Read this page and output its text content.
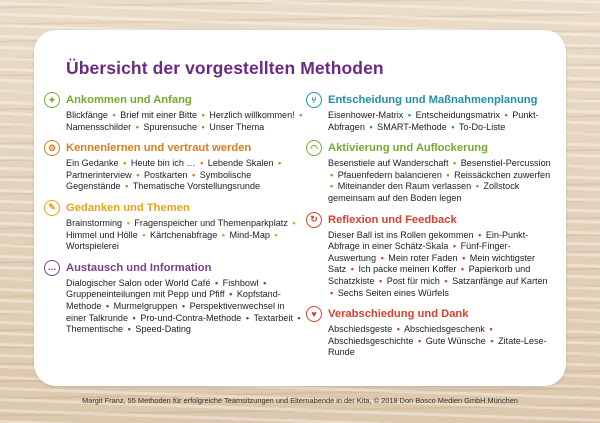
Übersicht der vorgestellten Methoden
✦ Ankommen und Anfang

Blickfänge • Brief mit einer Bitte • Herzlich willkommen! • Namensschilder • Spurensuche • Unser Thema

⚙ Kennenlernen und vertraut werden

Ein Gedanke • Heute bin ich … • Lebende Skalen • Partnerinterview • Postkarten • Symbolische Gegenstände • Thematische Vorstellungsrunde

✎ Gedanken und Themen

Brainstorming • Fragenspeicher und Themenparkplatz • Himmel und Hölle • Kärtchenabfrage • Mind-Map • Wortspielerei

… Austausch und Information

Dialogischer Salon oder World Café • Fishbowl • Gruppeneinteilungen mit Pepp und Pfiff • Kopfstand-Methode • Murmelgruppen • Perspektivenwechsel in einer Talkrunde • Pro-und-Contra-Methode • Textarbeit • Thementische • Speed-Dating

⑂	Entscheidung und Maßnahmenplanung

Eisenhower-Matrix • Entscheidungsmatrix • Punkt-Abfragen • SMART-Methode • To-Do-Liste

◠ Aktivierung und Auflockerung

Besenstiele auf Wanderschaft • Besenstiel-Percussion • Pfauenfedern balancieren • Reissäckchen zuwerfen • Miteinander den Raum verlassen • Zollstock gemeinsam auf den Boden legen

↻ Reflexion und Feedback

Dieser Ball ist ins Rollen gekommen • Ein-Punkt-Abfrage in einer Schätz-Skala • Fünf-Finger-Auswertung • Mein roter Faden • Mein wichtigster Satz • Ich packe meinen Koffer • Papierkorb und Schatzkiste • Post für mich • Satzanfänge auf Karten • Sechs Seiten eines Würfels

♥	Verabschiedung und Dank

Abschiedsgeste • Abschiedsgeschenk • Abschiedsgeschichte • Gute Wünsche • Zitate-Lese-Runde

Margit Franz, 55 Methoden für erfolgreiche Teamsitzungen und Elternabende in der Kita, © 2018 Don Bosco Medien GmbH München
